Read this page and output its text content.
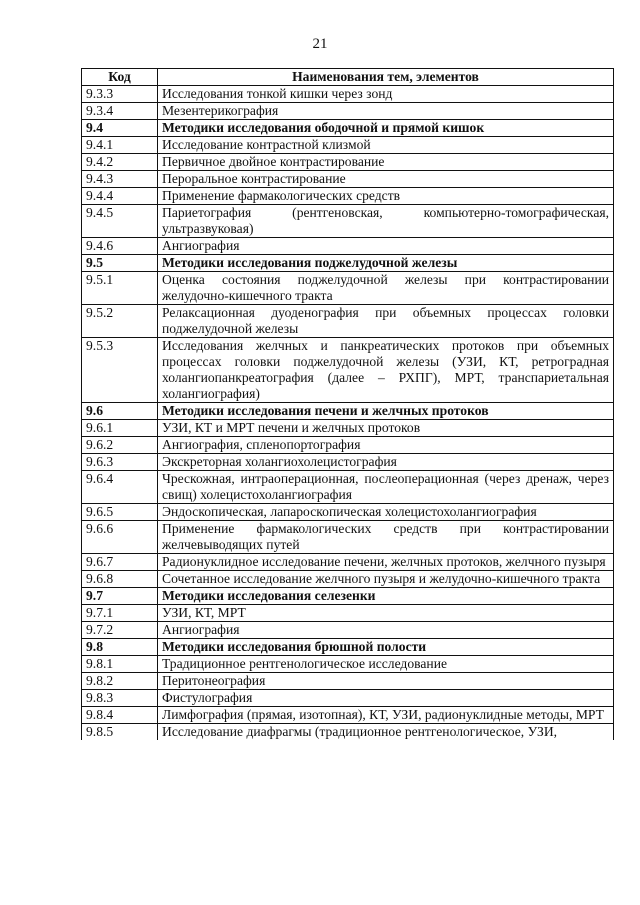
21
Код	Наименования тем, элементов
9.3.3	Исследования тонкой кишки через зонд
9.3.4	Мезентерикография
9.4	Методики исследования ободочной и прямой кишок
9.4.1	Исследование контрастной клизмой
9.4.2	Первичное двойное контрастирование
9.4.3	Пероральное контрастирование
9.4.4	Применение фармакологических средств
9.4.5	Париетография (рентгеновская, компьютерно-томографическая, ультразвуковая)
9.4.6	Ангиография
9.5	Методики исследования поджелудочной железы
9.5.1	Оценка состояния поджелудочной железы при контрастировании желудочно-кишечного тракта
9.5.2	Релаксационная дуоденография при объемных процессах головки поджелудочной железы
9.5.3	Исследования желчных и панкреатических протоков при объемных процессах головки поджелудочной железы (УЗИ, КТ, ретроградная холангиопанкреатография (далее – РХПГ), МРТ, транспариетальная холангиография)
9.6	Методики исследования печени и желчных протоков
9.6.1	УЗИ, КТ и МРТ печени и желчных протоков
9.6.2	Ангиография, спленопортография
9.6.3	Экскреторная холангиохолецистография
9.6.4	Чрескожная, интраоперационная, послеоперационная (через дренаж, через свищ) холецистохолангиография
9.6.5	Эндоскопическая, лапароскопическая холецистохолангиография
9.6.6	Применение фармакологических средств при контрастировании желчевыводящих путей
9.6.7	Радионуклидное исследование печени, желчных протоков, желчного пузыря
9.6.8	Сочетанное исследование желчного пузыря и желудочно-кишечного тракта
9.7	Методики исследования селезенки
9.7.1	УЗИ, КТ, МРТ
9.7.2	Ангиография
9.8	Методики исследования брюшной полости
9.8.1	Традиционное рентгенологическое исследование
9.8.2	Перитонеография
9.8.3	Фистулография
9.8.4	Лимфография (прямая, изотопная), КТ, УЗИ, радионуклидные методы, МРТ
9.8.5	Исследование диафрагмы (традиционное рентгенологическое, УЗИ,
